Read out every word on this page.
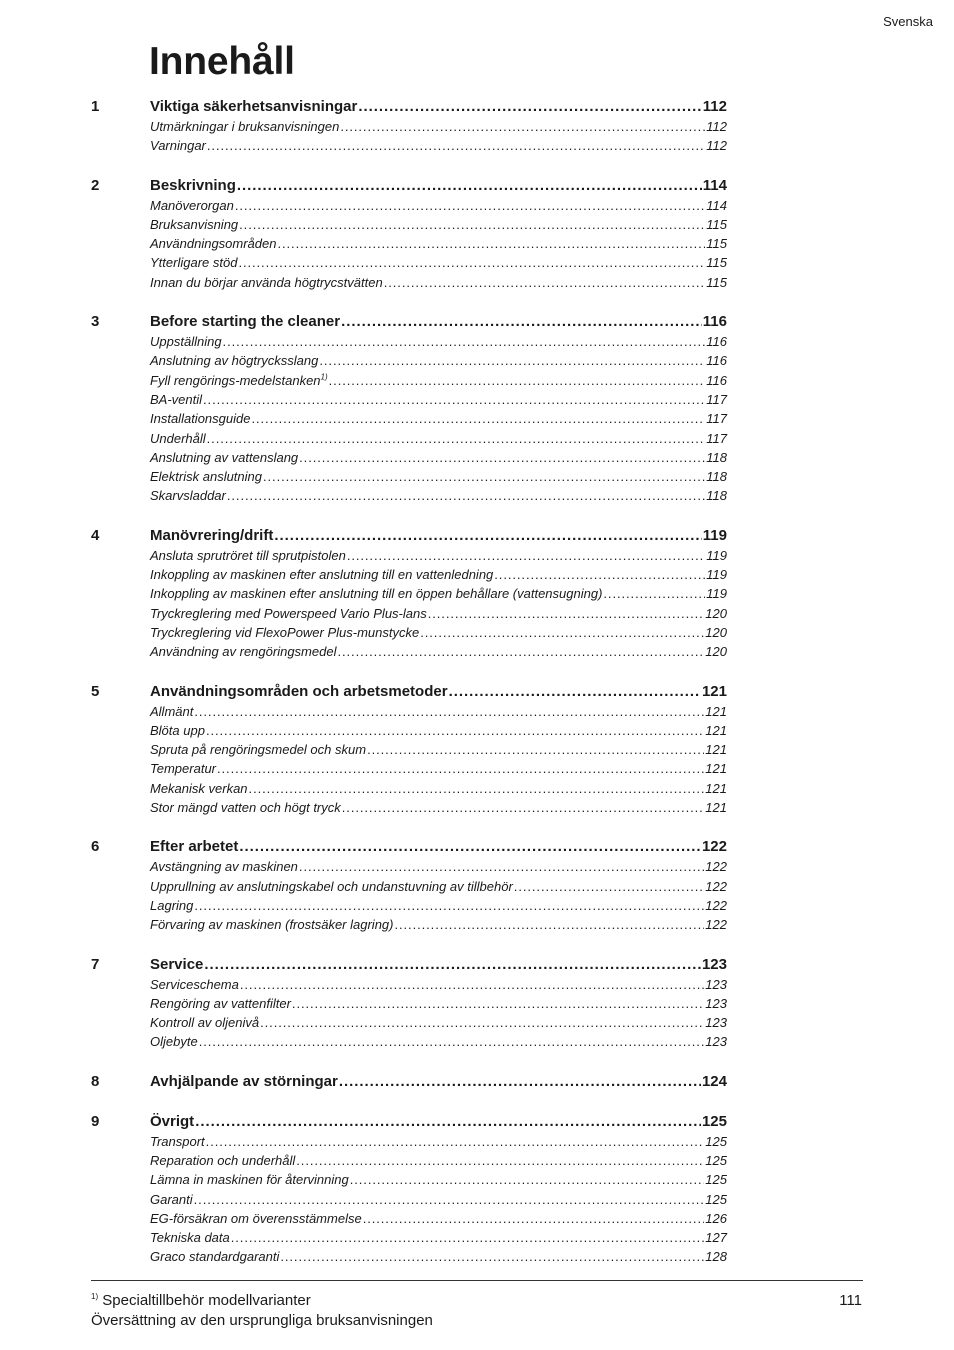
Svenska
Innehåll
1	Viktiga säkerhetsanvisningar . . .	112
Utmärkningar i bruksanvisningen . . .	112
Varningar . . .	112
2	Beskrivning . . .	114
Manöverorgan . . .	114
Bruksanvisning . . .	115
Användningsområden . . .	115
Ytterligare stöd . . .	115
Innan du börjar använda högtrycstvätten . . .	115
3	Before starting the cleaner . . .	116
Uppställning . . .	116
Anslutning av högtrycksslang . . .	116
Fyll rengörings-medelstanken$^{1)}$ . . .	116
BA-ventil . . .	117
Installationsguide . . .	117
Underhåll . . .	117
Anslutning av vattenslang . . .	118
Elektrisk anslutning . . .	118
Skarvsladdar . . .	118
4	Manövrering/drift . . .	119
Ansluta sprutröret till sprutpistolen . . .	119
Inkoppling av maskinen efter anslutning till en vattenledning . . .	119
Inkoppling av maskinen efter anslutning till en öppen behållare (vattensugning) . . .	119
Tryckreglering med Powerspeed Vario Plus-lans . . .	120
Tryckreglering vid FlexoPower Plus-munstycke . . .	120
Användning av rengöringsmedel . . .	120
5	Användningsområden och arbetsmetoder . . .	121
Allmänt . . .	121
Blöta upp . . .	121
Spruta på rengöringsmedel och skum . . .	121
Temperatur . . .	121
Mekanisk verkan . . .	121
Stor mängd vatten och högt tryck . . .	121
6	Efter arbetet . . .	122
Avstängning av maskinen . . .	122
Upprullning av anslutningskabel och undanstuvning av tillbehör . . .	122
Lagring . . .	122
Förvaring av maskinen (frostsäker lagring) . . .	122
7	Service . . .	123
Serviceschema . . .	123
Rengöring av vattenfilter . . .	123
Kontroll av oljenivå . . .	123
Oljebyte . . .	123
8	Avhjälpande av störningar . . .	124
9	Övrigt . . .	125
Transport . . .	125
Reparation och underhåll . . .	125
Lämna in maskinen för återvinning . . .	125
Garanti . . .	125
EG-försäkran om överensstämmelse . . .	126
Tekniska data . . .	127
Graco standardgaranti . . .	128
$^{1)}$ Specialtillbehör modellvarianter
Översättning av den ursprungliga bruksanvisningen
111
